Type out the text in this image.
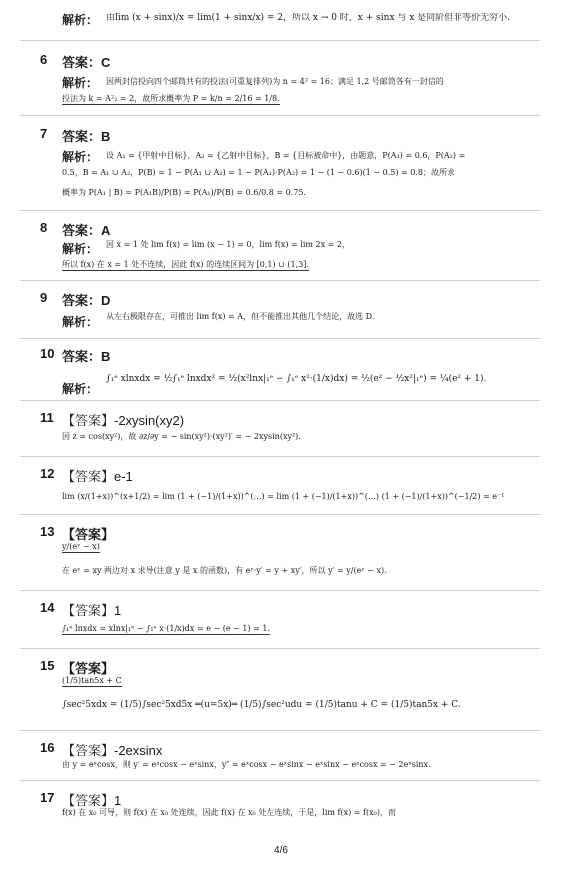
解析： 由lim (x + sinx)/x = lim(1 + sinx/x) = 2，所以 x → 0 时，x + sinx 与 x 是同阶但非等价无穷小.
6 答案：C
解析： 因两封信投向四个邮筒共有的投法(可重复排列)为 n = 4² = 16；满足 1,2 号邮筒各有一封信的
投法为 k = A²₂ = 2，故所求概率为 P = k/n = 2/16 = 1/8.
7 答案：B
解析： 设 A₁ = {甲射中目标}，A₂ = {乙射中目标}，B = {目标被命中}，由题意，P(A₁) = 0.6，P(A₂) =
0.5，B = A₁ ∪ A₂，P(B) = 1 − P(Ā₁ ∪ Ā₂) = 1 − P(Ā₁)·P(Ā₂) = 1 − (1 − 0.6)(1 − 0.5) = 0.8；故所求
概率为 P(A₁ | B) = P(A₁B)/P(B) = P(A₁)/P(B) = 0.6/0.8 = 0.75.
8 答案：A
解析： 因 x = 1 处 lim f(x) = lim (x − 1) = 0，lim f(x) = lim 2x = 2，
所以 f(x) 在 x = 1 处不连续，因此 f(x) 的连续区间为 [0,1) ∪ (1,3].
9 答案：D
解析： 从左右极限存在，可推出 lim f(x) = A，但不能推出其他几个结论，故选 D.
10 答案：B
解析：
∫₁ᵉ xlnxdx = ½∫₁ᵉ lnxdx² = ½(x²lnx|₁ᵉ − ∫₁ᵉ x²·(1/x)dx) = ½(e² − ½x²|₁ᵉ) = ¼(e² + 1).
11 【答案】-2xysin(xy2)
因 z = cos(xy²)，故 ∂z/∂y = − sin(xy²)·(xy²)′ = − 2xysin(xy²).
12 【答案】e-1
lim (x/(1+x))^(x+1/2) = lim (1 + (−1)/(1+x))^(…) = lim (1 + (−1)/(1+x))^(…) (1 + (−1)/(1+x))^(−1/2) = e⁻¹
13 【答案】
y/(eʸ − x)
在 eʸ = xy 两边对 x 求导(注意 y 是 x 的函数)，有 eʸ·y′ = y + xy′，所以 y′ = y/(eʸ − x).
14 【答案】1
∫₁ᵉ lnxdx = xlnx|₁ᵉ − ∫₁ᵉ x·(1/x)dx = e − (e − 1) = 1.
15 【答案】
(1/5)tan5x + C
∫sec²5xdx = (1/5)∫sec²5xd5x ═(u=5x)═ (1/5)∫sec²udu = (1/5)tanu + C = (1/5)tan5x + C.
16 【答案】-2exsinx
由 y = eˣcosx，则 y′ = eˣcosx − eˣsinx，y″ = eˣcosx − eˣsinx − eˣsinx − eˣcosx = − 2eˣsinx.
17 【答案】1
f(x) 在 x₀ 可导，则 f(x) 在 x₀ 处连续，因此 f(x) 在 x₀ 处左连续，于是，lim f(x) = f(x₀)，而
4/6
